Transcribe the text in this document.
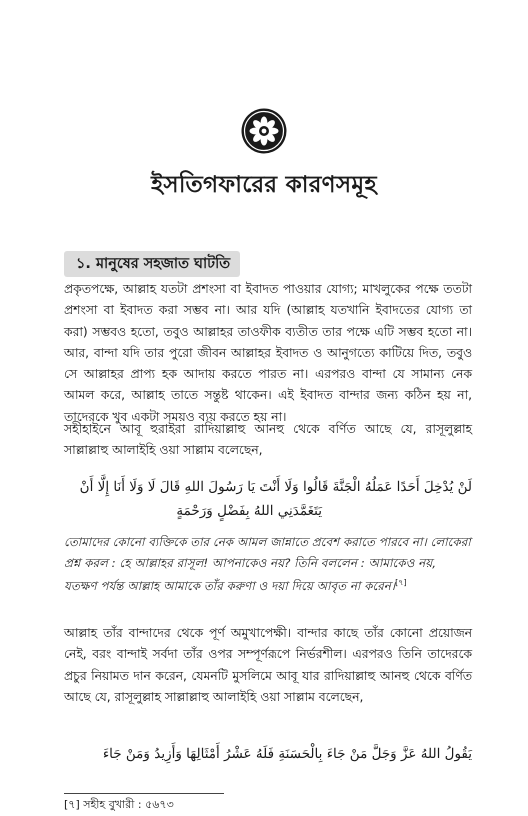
ইসতিগফারের কারণসমূহ
১. মানুষের সহজাত ঘাটতি

প্রকৃতপক্ষে, আল্লাহ যতটা প্রশংসা বা ইবাদত পাওয়ার যোগ্য; মাখলুকের পক্ষে ততটা প্রশংসা বা ইবাদত করা সম্ভব না। আর যদি (আল্লাহ যতখানি ইবাদতের যোগ্য তা করা) সম্ভবও হতো, তবুও আল্লাহর তাওফীক ব্যতীত তার পক্ষে এটি সম্ভব হতো না। আর, বান্দা যদি তার পুরো জীবন আল্লাহর ইবাদত ও আনুগত্যে কাটিয়ে দিত, তবুও সে আল্লাহর প্রাপ্য হক আদায় করতে পারত না। এরপরও বান্দা যে সামান্য নেক আমল করে, আল্লাহ তাতে সন্তুষ্ট থাকেন। এই ইবাদত বান্দার জন্য কঠিন হয় না, তাদেরকে খুব একটা সময়ও ব্যয় করতে হয় না।

সহীহাইনে আবূ হুরাইরা রাদিয়াল্লাহু আনহু থেকে বর্ণিত আছে যে, রাসূলুল্লাহ সাল্লাল্লাহু আলাইহি ওয়া সাল্লাম বলেছেন,

لَنْ يُدْخِلَ أَحَدًا عَمَلُهُ الْجَنَّةَ قَالُوا وَلَا أَنْتَ يَا رَسُولَ اللهِ قَالَ لَا وَلَا أَنَا إِلَّا أَنْ
يَتَغَمَّدَنِي اللهُ بِفَضْلٍ وَرَحْمَةٍ

তোমাদের কোনো ব্যক্তিকে তার নেক আমল জান্নাতে প্রবেশ করাতে পারবে না। লোকেরা প্রশ্ন করল : হে আল্লাহর রাসূল! আপনাকেও নয়? তিনি বললেন : আমাকেও নয়, যতক্ষণ পর্যন্ত আল্লাহ আমাকে তাঁর করুণা ও দয়া দিয়ে আবৃত না করেন।[৭]

আল্লাহ তাঁর বান্দাদের থেকে পূর্ণ অমুখাপেক্ষী। বান্দার কাছে তাঁর কোনো প্রয়োজন নেই, বরং বান্দাই সর্বদা তাঁর ওপর সম্পূর্ণরূপে নির্ভরশীল। এরপরও তিনি তাদেরকে প্রচুর নিয়ামত দান করেন, যেমনটি মুসলিমে আবূ যার রাদিয়াল্লাহু আনহু থেকে বর্ণিত আছে যে, রাসূলুল্লাহ সাল্লাল্লাহু আলাইহি ওয়া সাল্লাম বলেছেন,

يَقُولُ اللهُ عَزَّ وَجَلَّ مَنْ جَاءَ بِالْحَسَنَةِ فَلَهُ عَشْرُ أَمْثَالِهَا وَأَزِيدُ وَمَنْ جَاءَ

[৭] সহীহ বুখারী : ৫৬৭৩
